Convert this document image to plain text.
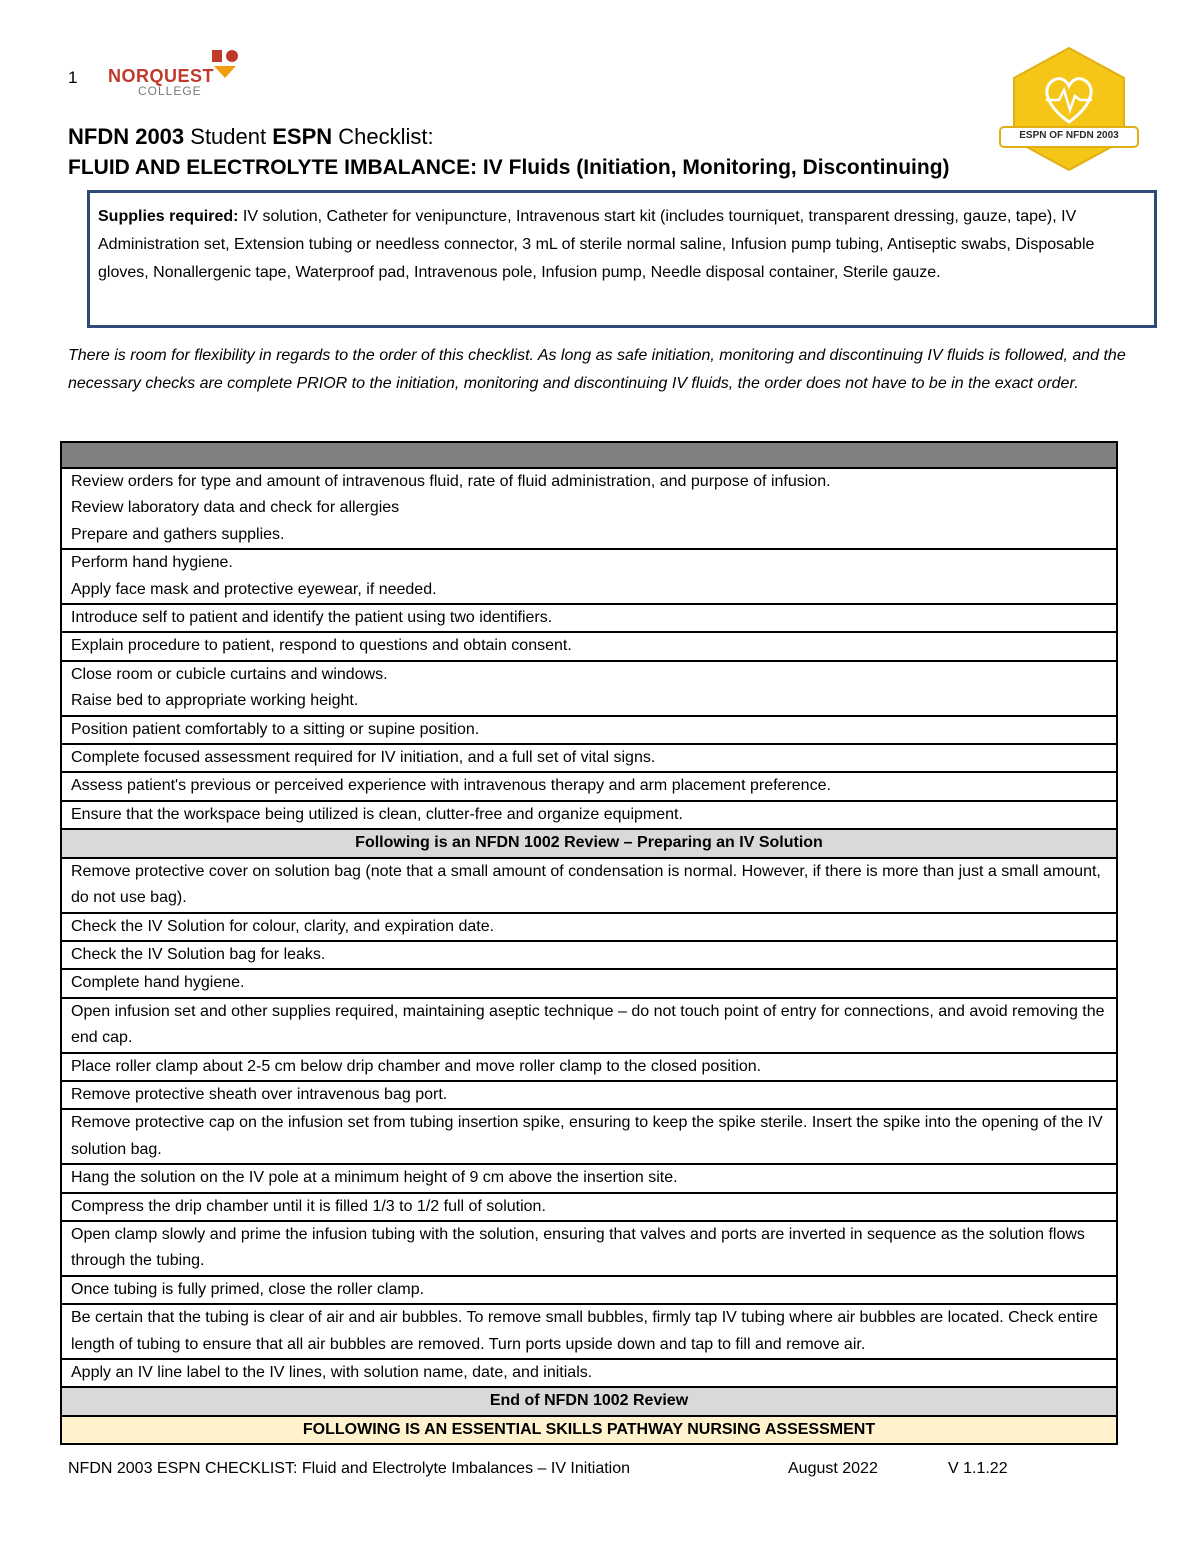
1 NORQUEST
COLLEGE
ESPN OF NFDN 2003
NFDN 2003 Student ESPN Checklist:
FLUID AND ELECTROLYTE IMBALANCE: IV Fluids (Initiation, Monitoring, Discontinuing)
Supplies required: IV solution, Catheter for venipuncture, Intravenous start kit (includes tourniquet, transparent dressing, gauze, tape), IV Administration set, Extension tubing or needless connector, 3 mL of sterile normal saline, Infusion pump tubing, Antiseptic swabs, Disposable gloves, Nonallergenic tape, Waterproof pad, Intravenous pole, Infusion pump, Needle disposal container, Sterile gauze.
There is room for flexibility in regards to the order of this checklist. As long as safe initiation, monitoring and discontinuing IV fluids is followed, and the necessary checks are complete PRIOR to the initiation, monitoring and discontinuing IV fluids, the order does not have to be in the exact order.

Review orders for type and amount of intravenous fluid, rate of fluid administration, and purpose of infusion.
Review laboratory data and check for allergies
Prepare and gathers supplies.

Perform hand hygiene.
Apply face mask and protective eyewear, if needed.

Introduce self to patient and identify the patient using two identifiers.

Explain procedure to patient, respond to questions and obtain consent.

Close room or cubicle curtains and windows.
Raise bed to appropriate working height.

Position patient comfortably to a sitting or supine position.

Complete focused assessment required for IV initiation, and a full set of vital signs.

Assess patient's previous or perceived experience with intravenous therapy and arm placement preference.

Ensure that the workspace being utilized is clean, clutter-free and organize equipment.

Following is an NFDN 1002 Review – Preparing an IV Solution

Remove protective cover on solution bag (note that a small amount of condensation is normal. However, if there is more than just a small amount, do not use bag).

Check the IV Solution for colour, clarity, and expiration date.

Check the IV Solution bag for leaks.

Complete hand hygiene.

Open infusion set and other supplies required, maintaining aseptic technique – do not touch point of entry for connections, and avoid removing the end cap.

Place roller clamp about 2-5 cm below drip chamber and move roller clamp to the closed position.

Remove protective sheath over intravenous bag port.

Remove protective cap on the infusion set from tubing insertion spike, ensuring to keep the spike sterile. Insert the spike into the opening of the IV solution bag.

Hang the solution on the IV pole at a minimum height of 9 cm above the insertion site.

Compress the drip chamber until it is filled 1/3 to 1/2 full of solution.

Open clamp slowly and prime the infusion tubing with the solution, ensuring that valves and ports are inverted in sequence as the solution flows through the tubing.

Once tubing is fully primed, close the roller clamp.

Be certain that the tubing is clear of air and air bubbles. To remove small bubbles, firmly tap IV tubing where air bubbles are located. Check entire length of tubing to ensure that all air bubbles are removed. Turn ports upside down and tap to fill and remove air.

Apply an IV line label to the IV lines, with solution name, date, and initials.

End of NFDN 1002 Review
FOLLOWING IS AN ESSENTIAL SKILLS PATHWAY NURSING ASSESSMENT
NFDN 2003 ESPN CHECKLIST: Fluid and Electrolyte Imbalances – IV Initiation	August 2022	V 1.1.22
